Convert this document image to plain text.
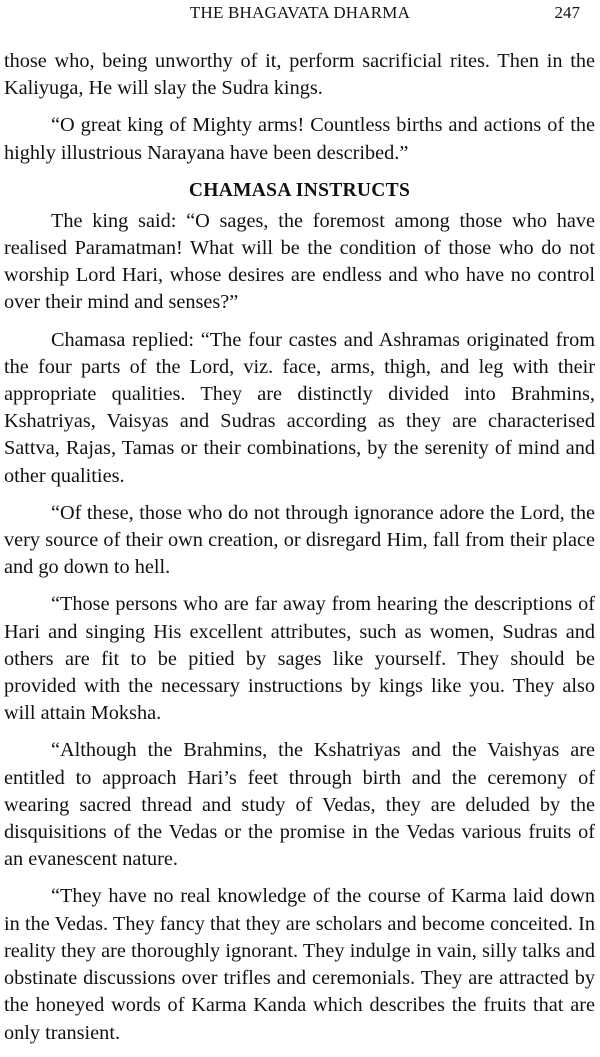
THE BHAGAVATA DHARMA	247

those who, being unworthy of it, perform sacrificial rites. Then in the Kaliyuga, He will slay the Sudra kings.

“O great king of Mighty arms! Countless births and actions of the highly illustrious Narayana have been described.”

CHAMASA INSTRUCTS

The king said: “O sages, the foremost among those who have realised Paramatman! What will be the condition of those who do not worship Lord Hari, whose desires are endless and who have no control over their mind and senses?”

Chamasa replied: “The four castes and Ashramas originated from the four parts of the Lord, viz. face, arms, thigh, and leg with their appropriate qualities. They are distinctly divided into Brahmins, Kshatriyas, Vaisyas and Sudras according as they are characterised Sattva, Rajas, Tamas or their combinations, by the serenity of mind and other qualities.

“Of these, those who do not through ignorance adore the Lord, the very source of their own creation, or disregard Him, fall from their place and go down to hell.

“Those persons who are far away from hearing the descriptions of Hari and singing His excellent attributes, such as women, Sudras and others are fit to be pitied by sages like yourself. They should be provided with the necessary instructions by kings like you. They also will attain Moksha.

“Although the Brahmins, the Kshatriyas and the Vaishyas are entitled to approach Hari’s feet through birth and the ceremony of wearing sacred thread and study of Vedas, they are deluded by the disquisitions of the Vedas or the promise in the Vedas various fruits of an evanescent nature.

“They have no real knowledge of the course of Karma laid down in the Vedas. They fancy that they are scholars and become conceited. In reality they are thoroughly ignorant. They indulge in vain, silly talks and obstinate discussions over trifles and ceremonials. They are attracted by the honeyed words of Karma Kanda which describes the fruits that are only transient.
